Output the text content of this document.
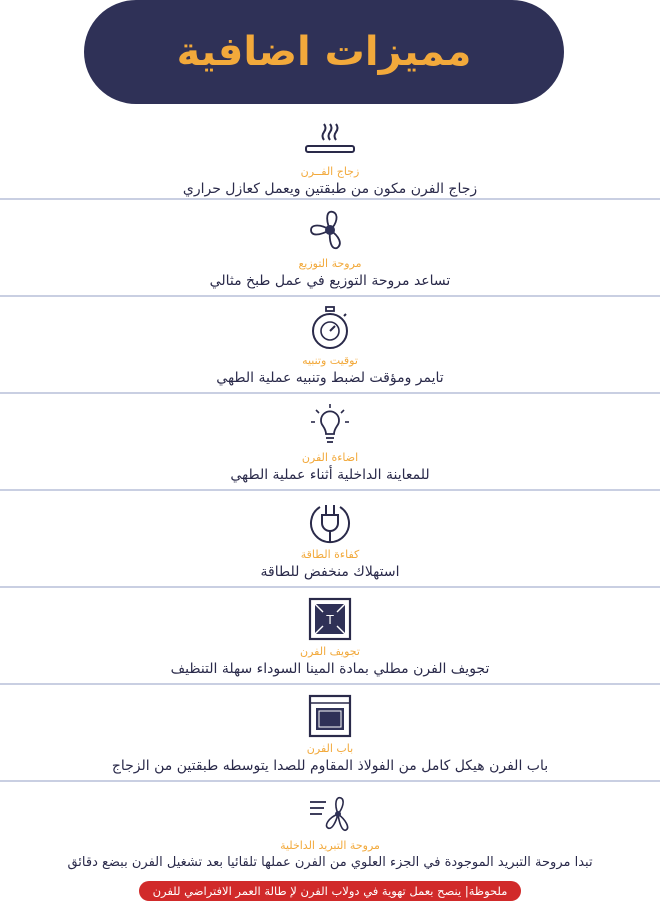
مميزات اضافية
زجاج الفــرن
زجاج الفرن مكون من طبقتين ويعمل كعازل حراري
مروحة التوزيع
تساعد مروحة التوزيع في عمل طبخ مثالي
توقيت وتنبيه
تايمر ومؤقت لضبط وتنبيه عملية الطهي
اضاءة الفرن
للمعاينة الداخلية أثناء عملية الطهي
كفاءة الطاقة
استهلاك منخفض للطاقة
T
تجويف الفرن
تجويف الفرن مطلي بمادة المينا السوداء سهلة التنظيف
باب الفرن
باب الفرن هيكل كامل من الفولاذ المقاوم للصدا يتوسطه طبقتين من الزجاج
مروحة التبريد الداخلية
تبدا مروحة التبريد الموجودة في الجزء العلوي من الفرن عملها تلقائيا بعد تشغيل الفرن ببضع دقائق
ملحوظة| ينصح بعمل تهوية في دولاب الفرن لإ طالة العمر الافتراضي للفرن
